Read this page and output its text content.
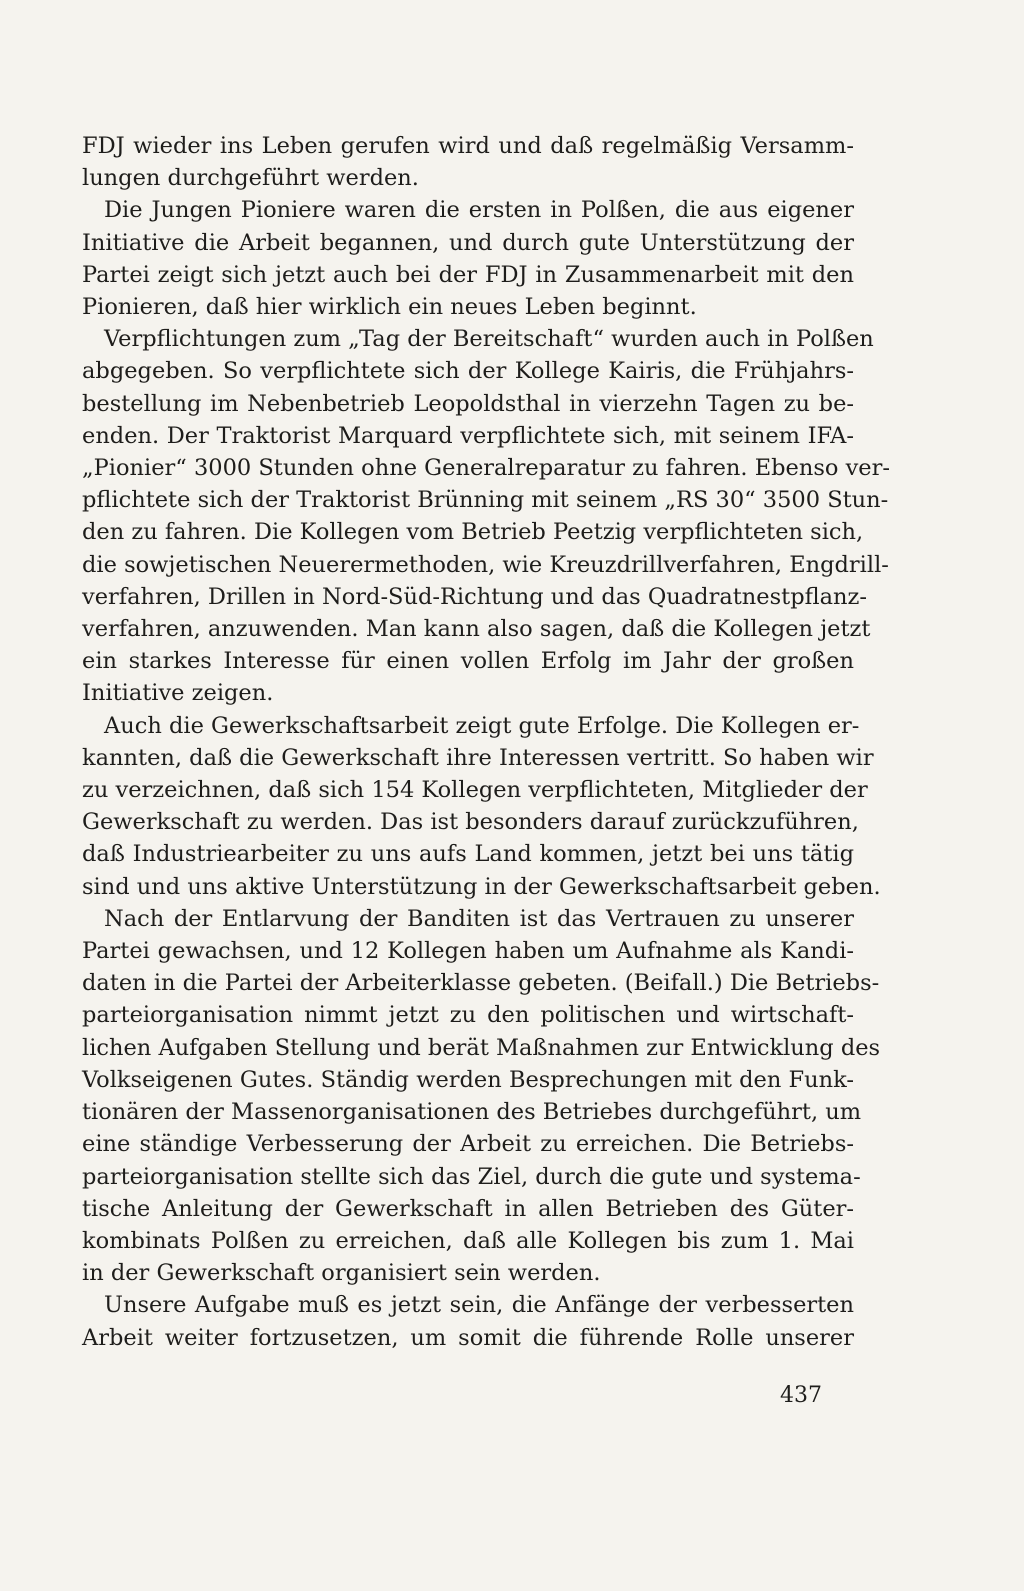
FDJ wieder ins Leben gerufen wird und daß regelmäßig Versamm-
lungen durchgeführt werden.
Die Jungen Pioniere waren die ersten in Polßen, die aus eigener
Initiative die Arbeit begannen, und durch gute Unterstützung der
Partei zeigt sich jetzt auch bei der FDJ in Zusammenarbeit mit den
Pionieren, daß hier wirklich ein neues Leben beginnt.
Verpflichtungen zum „Tag der Bereitschaft“ wurden auch in Polßen
abgegeben. So verpflichtete sich der Kollege Kairis, die Frühjahrs-
bestellung im Nebenbetrieb Leopoldsthal in vierzehn Tagen zu be-
enden. Der Traktorist Marquard verpflichtete sich, mit seinem IFA-
„Pionier“ 3000 Stunden ohne Generalreparatur zu fahren. Ebenso ver-
pflichtete sich der Traktorist Brünning mit seinem „RS 30“ 3500 Stun-
den zu fahren. Die Kollegen vom Betrieb Peetzig verpflichteten sich,
die sowjetischen Neuerermethoden, wie Kreuzdrillverfahren, Engdrill-
verfahren, Drillen in Nord-Süd-Richtung und das Quadratnestpflanz-
verfahren, anzuwenden. Man kann also sagen, daß die Kollegen jetzt
ein starkes Interesse für einen vollen Erfolg im Jahr der großen
Initiative zeigen.
Auch die Gewerkschaftsarbeit zeigt gute Erfolge. Die Kollegen er-
kannten, daß die Gewerkschaft ihre Interessen vertritt. So haben wir
zu verzeichnen, daß sich 154 Kollegen verpflichteten, Mitglieder der
Gewerkschaft zu werden. Das ist besonders darauf zurückzuführen,
daß Industriearbeiter zu uns aufs Land kommen, jetzt bei uns tätig
sind und uns aktive Unterstützung in der Gewerkschaftsarbeit geben.
Nach der Entlarvung der Banditen ist das Vertrauen zu unserer
Partei gewachsen, und 12 Kollegen haben um Aufnahme als Kandi-
daten in die Partei der Arbeiterklasse gebeten. (Beifall.) Die Betriebs-
parteiorganisation nimmt jetzt zu den politischen und wirtschaft-
lichen Aufgaben Stellung und berät Maßnahmen zur Entwicklung des
Volkseigenen Gutes. Ständig werden Besprechungen mit den Funk-
tionären der Massenorganisationen des Betriebes durchgeführt, um
eine ständige Verbesserung der Arbeit zu erreichen. Die Betriebs-
parteiorganisation stellte sich das Ziel, durch die gute und systema-
tische Anleitung der Gewerkschaft in allen Betrieben des Güter-
kombinats Polßen zu erreichen, daß alle Kollegen bis zum 1. Mai
in der Gewerkschaft organisiert sein werden.
Unsere Aufgabe muß es jetzt sein, die Anfänge der verbesserten
Arbeit weiter fortzusetzen, um somit die führende Rolle unserer
437
